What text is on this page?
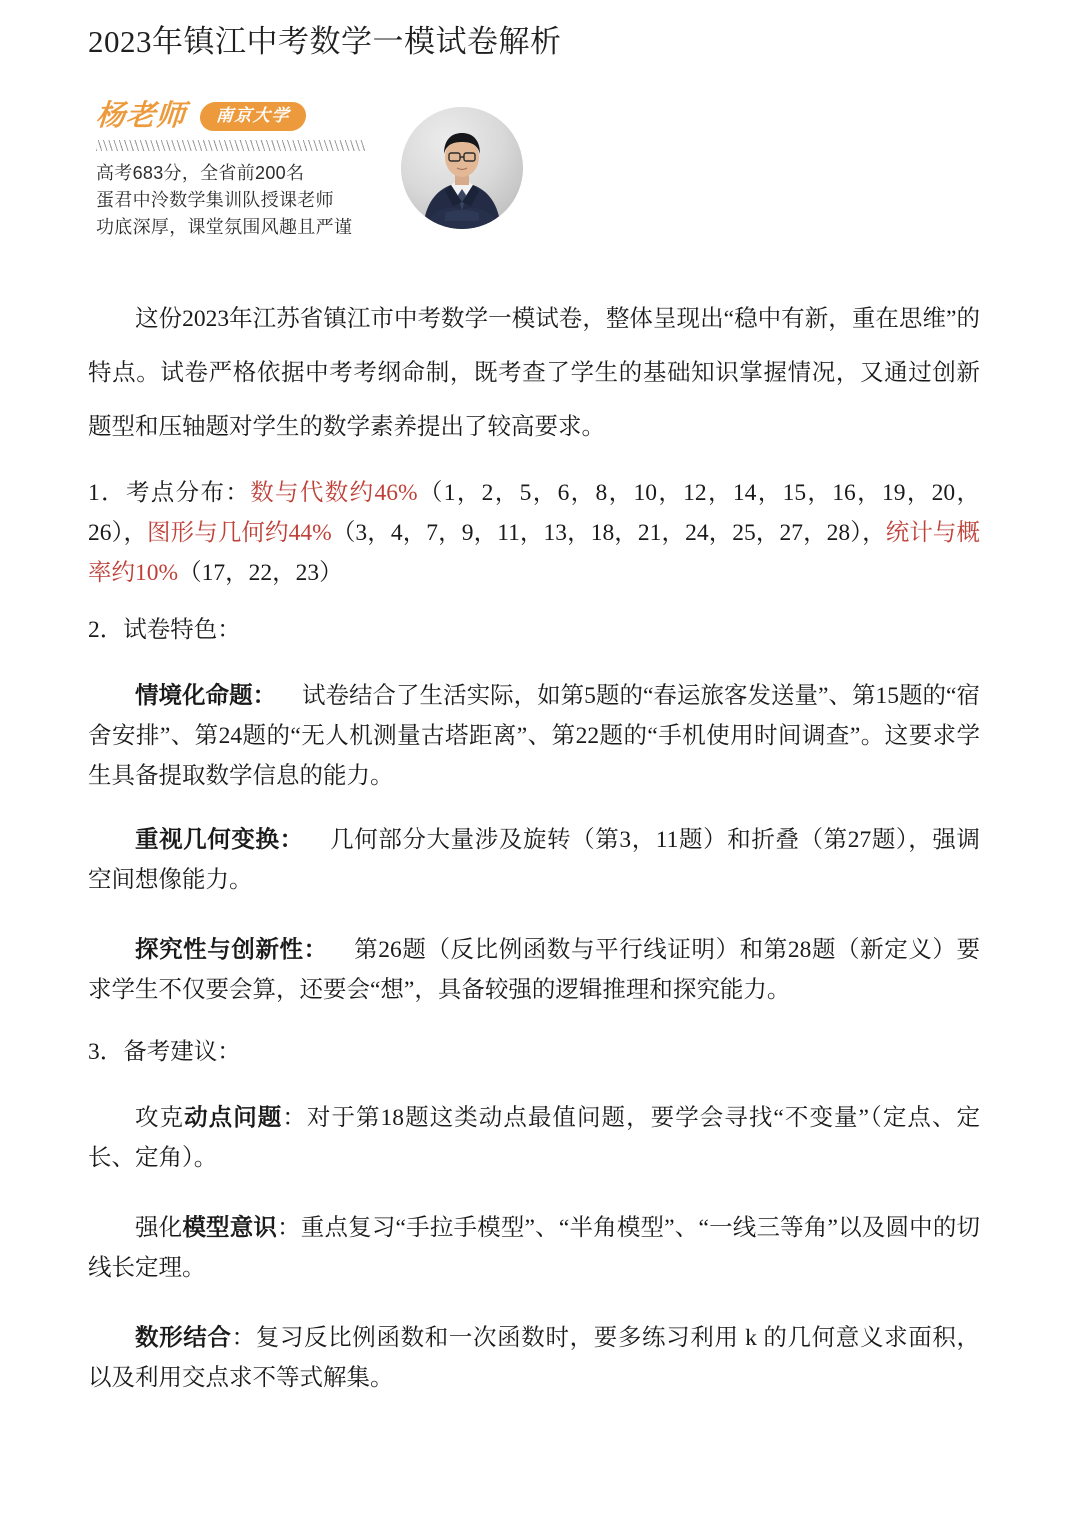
2023年镇江中考数学一模试卷解析
杨老师	南京大学
高考683分，全省前200名
蛋君中泠数学集训队授课老师
功底深厚，课堂氛围风趣且严谨
这份2023年江苏省镇江市中考数学一模试卷，整体呈现出“稳中有新，重在思维”的特点。试卷严格依据中考考纲命制，既考查了学生的基础知识掌握情况，又通过创新题型和压轴题对学生的数学素养提出了较高要求。
1．考点分布：数与代数约46%（1，2，5，6，8，10，12，14，15，16，19，20，26），图形与几何约44%（3，4，7，9，11，13，18，21，24，25，27，28），统计与概率约10%（17，22，23）
2．试卷特色：
情境化命题： 试卷结合了生活实际，如第5题的“春运旅客发送量”、第15题的“宿舍安排”、第24题的“无人机测量古塔距离”、第22题的“手机使用时间调查”。这要求学生具备提取数学信息的能力。
重视几何变换： 几何部分大量涉及旋转（第3，11题）和折叠（第27题），强调空间想像能力。
探究性与创新性： 第26题（反比例函数与平行线证明）和第28题（新定义）要求学生不仅要会算，还要会“想”，具备较强的逻辑推理和探究能力。
3．备考建议：
攻克动点问题：对于第18题这类动点最值问题，要学会寻找“不变量”（定点、定长、定角）。
强化模型意识：重点复习“手拉手模型”、“半角模型”、“一线三等角”以及圆中的切线长定理。
数形结合：复习反比例函数和一次函数时，要多练习利用 k 的几何意义求面积，以及利用交点求不等式解集。
